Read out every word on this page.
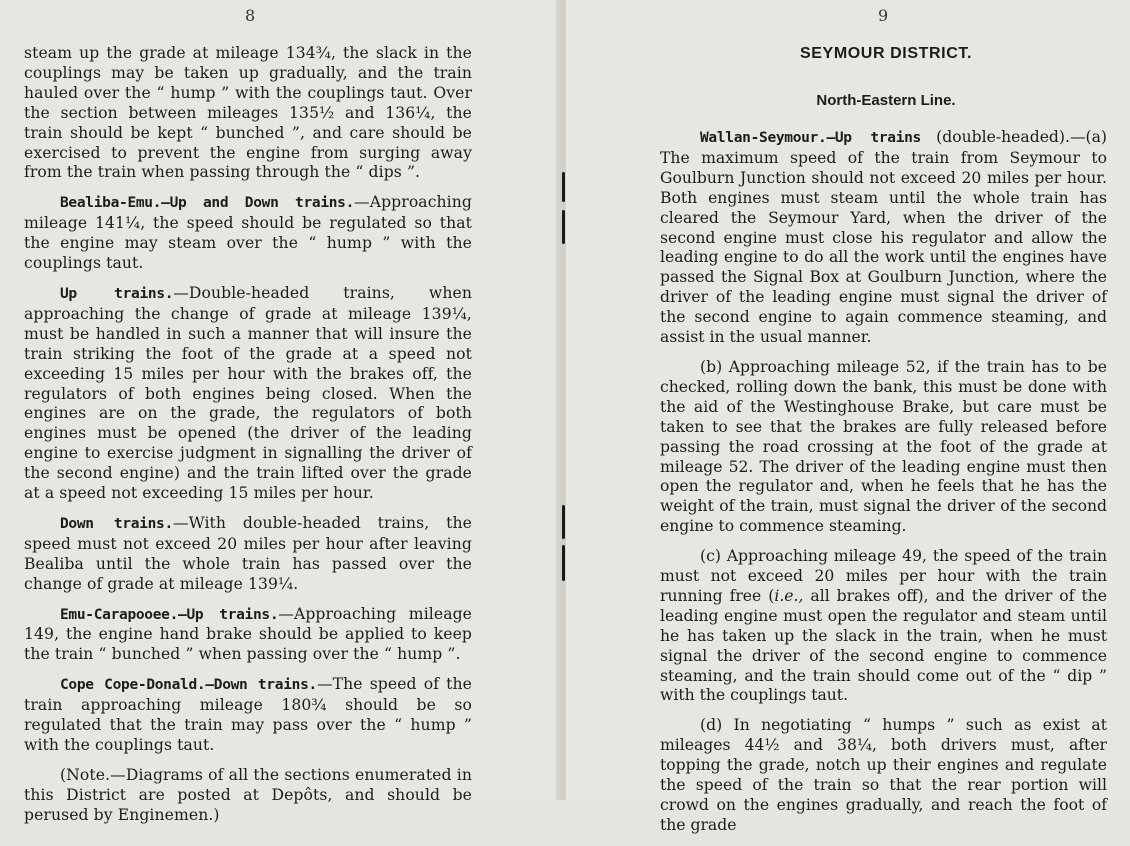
8

steam up the grade at mileage 134¾, the slack in the couplings may be taken up gradually, and the train hauled over the “ hump ” with the couplings taut. Over the section between mileages 135½ and 136¼, the train should be kept “ bunched ”, and care should be exercised to prevent the engine from surging away from the train when passing through the “ dips ”.

Bealiba-Emu.—Up and Down trains.—Approaching mileage 141¼, the speed should be regulated so that the engine may steam over the “ hump ” with the couplings taut.

Up trains.—Double-headed trains, when approaching the change of grade at mileage 139¼, must be handled in such a manner that will insure the train striking the foot of the grade at a speed not exceeding 15 miles per hour with the brakes off, the regulators of both engines being closed. When the engines are on the grade, the regulators of both engines must be opened (the driver of the leading engine to exercise judgment in signalling the driver of the second engine) and the train lifted over the grade at a speed not exceeding 15 miles per hour.

Down trains.—With double-headed trains, the speed must not exceed 20 miles per hour after leaving Bealiba until the whole train has passed over the change of grade at mileage 139¼.

Emu-Carapooee.—Up trains.—Approaching mileage 149, the engine hand brake should be applied to keep the train “ bunched ” when passing over the “ hump ”.

Cope Cope-Donald.—Down trains.—The speed of the train approaching mileage 180¾ should be so regulated that the train may pass over the “ hump ” with the couplings taut.

(Note.—Diagrams of all the sections enumerated in this District are posted at Depôts, and should be perused by Enginemen.)

9
SEYMOUR DISTRICT.
North-Eastern Line.

Wallan-Seymour.—Up trains (double-headed).—(a) The maximum speed of the train from Seymour to Goulburn Junction should not exceed 20 miles per hour. Both engines must steam until the whole train has cleared the Seymour Yard, when the driver of the second engine must close his regulator and allow the leading engine to do all the work until the engines have passed the Signal Box at Goulburn Junction, where the driver of the leading engine must signal the driver of the second engine to again commence steaming, and assist in the usual manner.

(b) Approaching mileage 52, if the train has to be checked, rolling down the bank, this must be done with the aid of the Westinghouse Brake, but care must be taken to see that the brakes are fully released before passing the road crossing at the foot of the grade at mileage 52. The driver of the leading engine must then open the regulator and, when he feels that he has the weight of the train, must signal the driver of the second engine to commence steaming.

(c) Approaching mileage 49, the speed of the train must not exceed 20 miles per hour with the train running free (i.e., all brakes off), and the driver of the leading engine must open the regulator and steam until he has taken up the slack in the train, when he must signal the driver of the second engine to commence steaming, and the train should come out of the “ dip ” with the couplings taut.

(d) In negotiating “ humps ” such as exist at mileages 44½ and 38¼, both drivers must, after topping the grade, notch up their engines and regulate the speed of the train so that the rear portion will crowd on the engines gradually, and reach the foot of the grade
